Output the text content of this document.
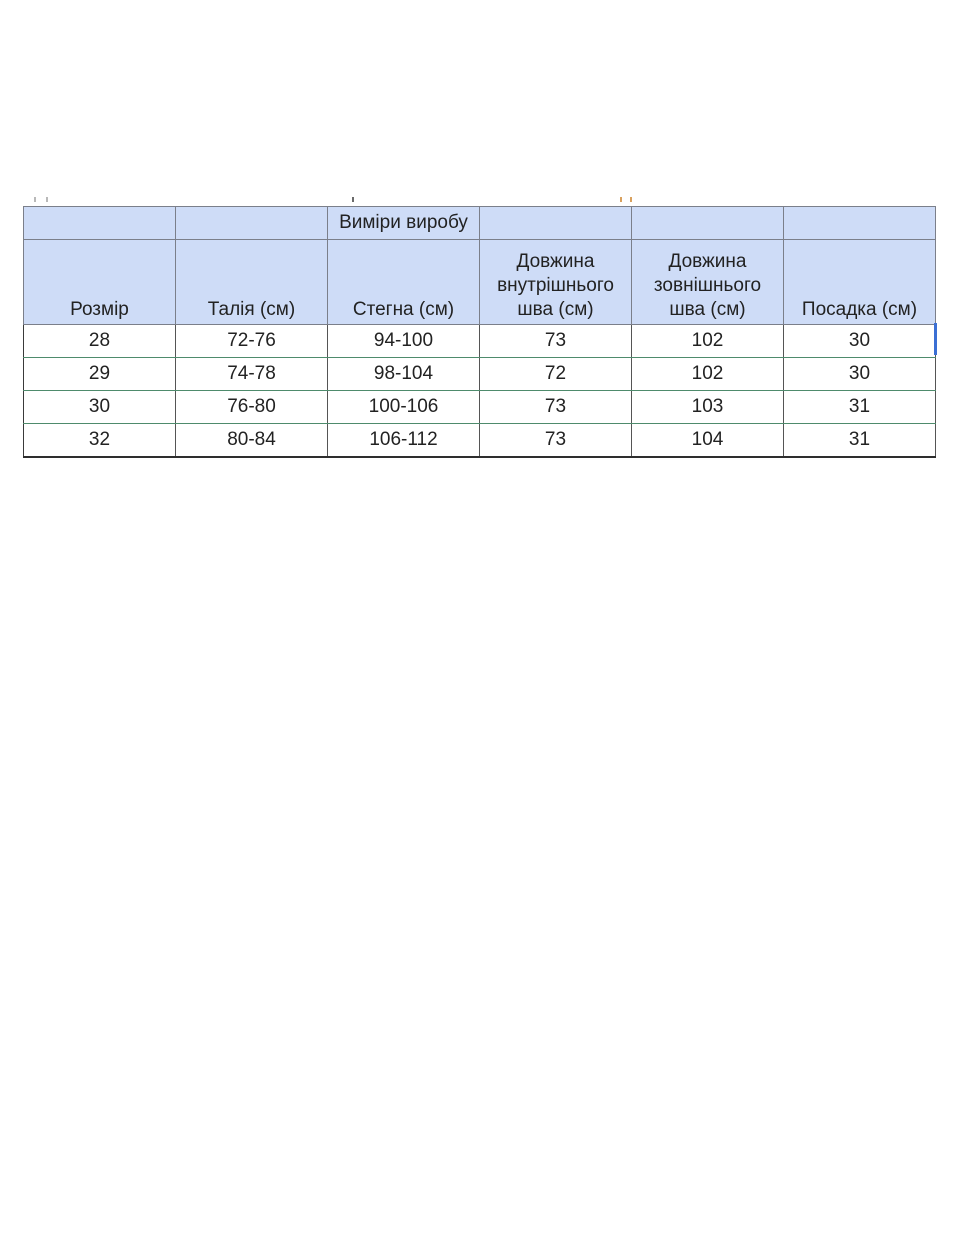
		Виміри виробу			
Розмір	Талія (см)	Стегна (см)	Довжина внутрішнього шва (см)	Довжина зовнішнього шва (см)	Посадка (см)
28	72-76	94-100	73	102	30
29	74-78	98-104	72	102	30
30	76-80	100-106	73	103	31
32	80-84	106-112	73	104	31
